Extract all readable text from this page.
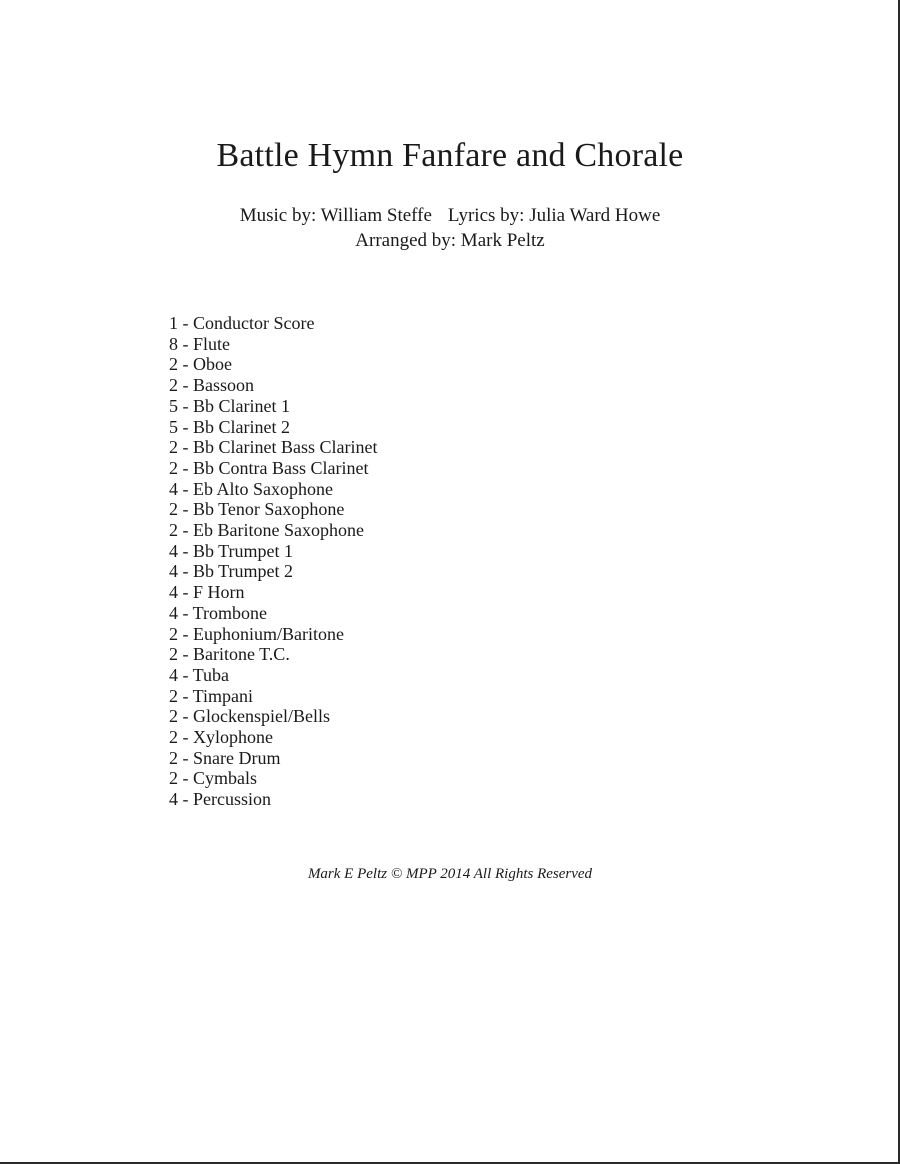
Battle Hymn Fanfare and Chorale
Music by: William Steffe Lyrics by: Julia Ward Howe
Arranged by: Mark Peltz
1 - Conductor Score
8 - Flute
2 - Oboe
2 - Bassoon
5 - Bb Clarinet 1
5 - Bb Clarinet 2
2 - Bb Clarinet Bass Clarinet
2 - Bb Contra Bass Clarinet
4 - Eb Alto Saxophone
2 - Bb Tenor Saxophone
2 - Eb Baritone Saxophone
4 - Bb Trumpet 1
4 - Bb Trumpet 2
4 - F Horn
4 - Trombone
2 - Euphonium/Baritone
2 - Baritone T.C.
4 - Tuba
2 - Timpani
2 - Glockenspiel/Bells
2 - Xylophone
2 - Snare Drum
2 - Cymbals
4 - Percussion
Mark E Peltz © MPP 2014 All Rights Reserved
